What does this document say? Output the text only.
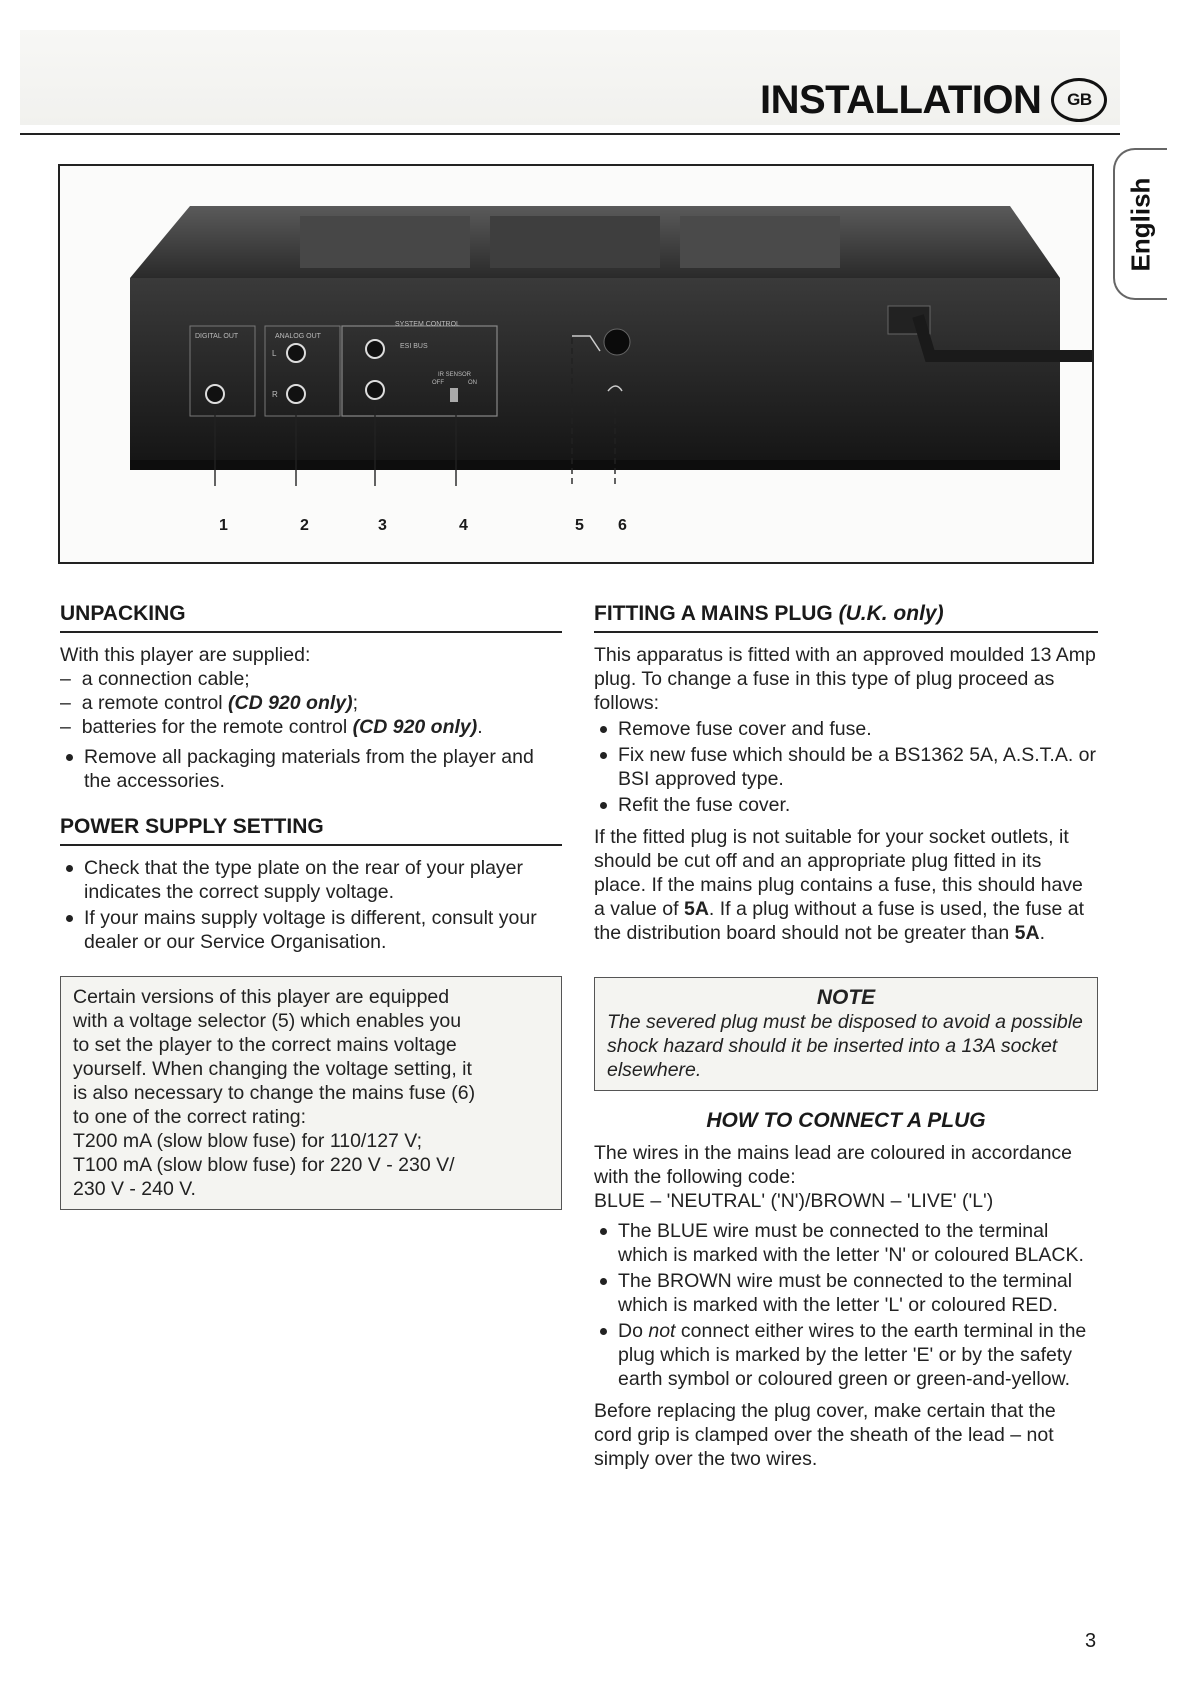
INSTALLATION	GB
English
DIGITAL OUT	ANALOG OUT
L
R
SYSTEM CONTROL
ESI BUS
IR SENSOR
OFF	ON
1	2	3	4	5 6
UNPACKING
With this player are supplied:
–  a connection cable;
–  a remote control (CD 920 only);
–  batteries for the remote control (CD 920 only).
Remove all packaging materials from the player and the accessories.
POWER SUPPLY SETTING
Check that the type plate on the rear of your player indicates the correct supply voltage.
If your mains supply voltage is different, consult your dealer or our Service Organisation.
Certain versions of this player are equipped
with a voltage selector (5) which enables you
to set the player to the correct mains voltage
yourself. When changing the voltage setting, it
is also necessary to change the mains fuse (6)
to one of the correct rating:
T200 mA (slow blow fuse) for 110/127 V;
T100 mA (slow blow fuse) for 220 V - 230 V/
230 V - 240 V.
FITTING A MAINS PLUG (U.K. only)
This apparatus is fitted with an approved moulded 13 Amp plug. To change a fuse in this type of plug proceed as follows:
Remove fuse cover and fuse.
Fix new fuse which should be a BS1362 5A, A.S.T.A. or BSI approved type.
Refit the fuse cover.
If the fitted plug is not suitable for your socket outlets, it should be cut off and an appropriate plug fitted in its place. If the mains plug contains a fuse, this should have a value of 5A. If a plug without a fuse is used, the fuse at the distribution board should not be greater than 5A.
NOTE
The severed plug must be disposed to avoid a possible shock hazard should it be inserted into a 13A socket elsewhere.
HOW TO CONNECT A PLUG
The wires in the mains lead are coloured in accordance with the following code:
BLUE – 'NEUTRAL' ('N')/BROWN – 'LIVE' ('L')
The BLUE wire must be connected to the terminal which is marked with the letter 'N' or coloured BLACK.
The BROWN wire must be connected to the terminal which is marked with the letter 'L' or coloured RED.
Do not connect either wires to the earth terminal in the plug which is marked by the letter 'E' or by the safety earth symbol or coloured green or green-and-yellow.
Before replacing the plug cover, make certain that the cord grip is clamped over the sheath of the lead – not simply over the two wires.
3
